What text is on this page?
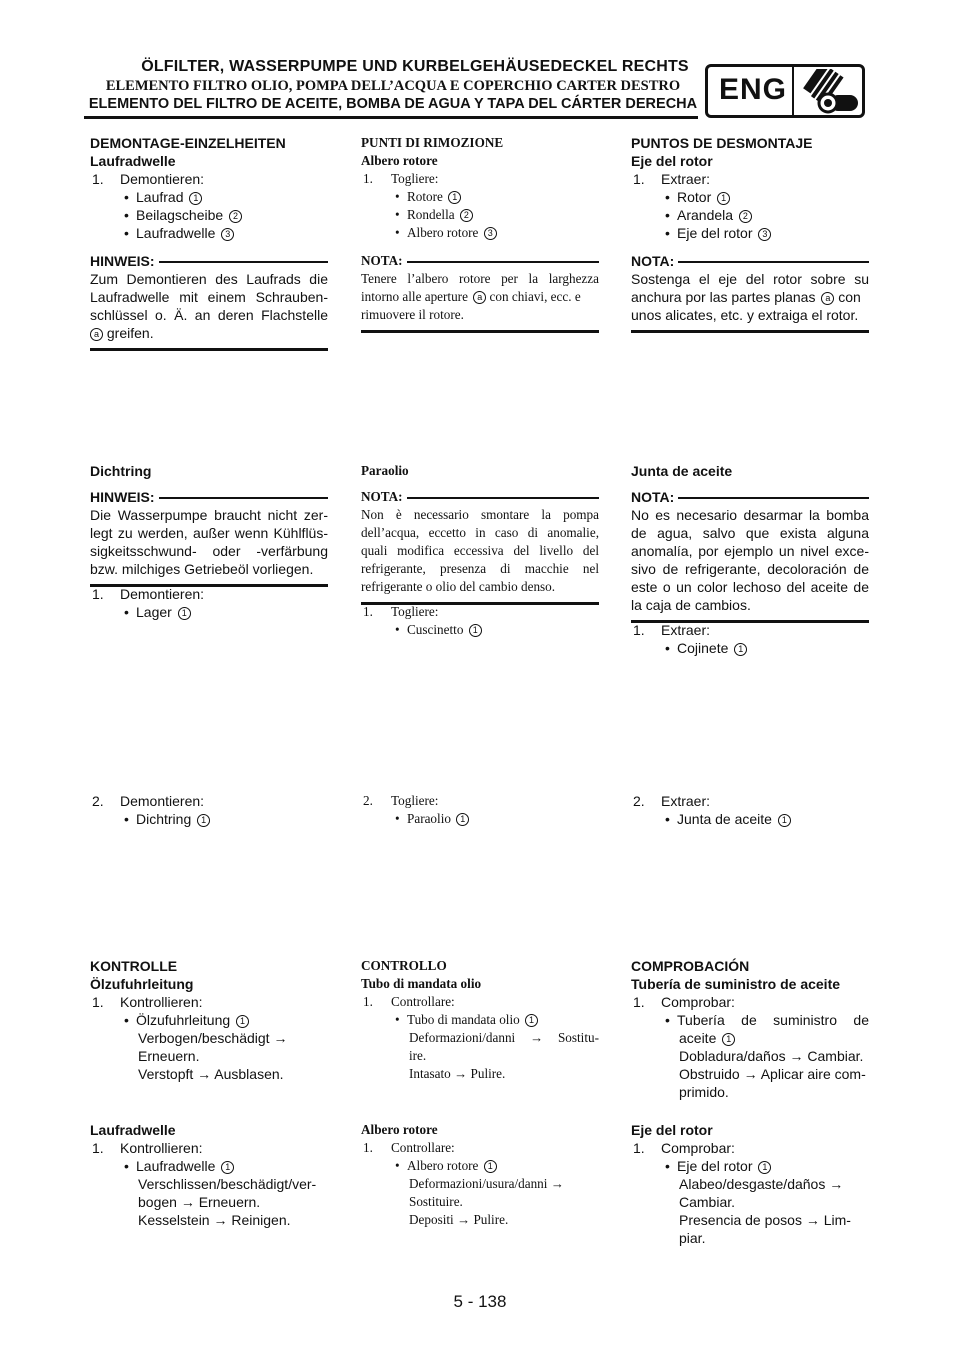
ÖLFILTER, WASSERPUMPE UND KURBELGEHÄUSEDECKEL RECHTS
ELEMENTO FILTRO OLIO, POMPA DELL’ACQUA E COPERCHIO CARTER DESTRO
ELEMENTO DEL FILTRO DE ACEITE, BOMBA DE AGUA Y TAPA DEL CÁRTER DERECHA ENG
DEMONTAGE-EINZELHEITEN
Laufradwelle
1. Demontieren:
• Laufrad 1
• Beilagscheibe 2
• Laufradwelle 3
HINWEIS:
Zum Demontieren des Laufrads die
Laufradwelle mit einem Schrauben-
schlüssel o. Ä. an deren Flachstelle
a greifen.
Dichtring
HINWEIS:
Die Wasserpumpe braucht nicht zer-
legt zu werden, außer wenn Kühlflüs-
sigkeitsschwund- oder -verfärbung
bzw. milchiges Getriebeöl vorliegen.
1. Demontieren:
• Lager 1
2. Demontieren:
• Dichtring 1
KONTROLLE
Ölzufuhrleitung
1. Kontrollieren:
• Ölzufuhrleitung 1
Verbogen/beschädigt →
Erneuern.
Verstopft → Ausblasen.
Laufradwelle
1. Kontrollieren:
• Laufradwelle 1
Verschlissen/beschädigt/ver-
bogen → Erneuern.
Kesselstein → Reinigen.
PUNTI DI RIMOZIONE
Albero rotore
1. Togliere:
• Rotore 1
• Rondella 2
• Albero rotore 3
NOTA:
Tenere l’albero rotore per la larghezza
intorno alle aperture a con chiavi, ecc. e
rimuovere il rotore.
Paraolio
NOTA:
Non è necessario smontare la pompa
dell’acqua, eccetto in caso di anomalie,
quali modifica eccessiva del livello del
refrigerante, presenza di macchie nel
refrigerante o olio del cambio denso.
1. Togliere:
• Cuscinetto 1
2. Togliere:
• Paraolio 1
CONTROLLO
Tubo di mandata olio
1. Controllare:
• Tubo di mandata olio 1
Deformazioni/danni → Sostitu-
ire.
Intasato → Pulire.
Albero rotore
1. Controllare:
• Albero rotore 1
Deformazioni/usura/danni →
Sostituire.
Depositi → Pulire.
PUNTOS DE DESMONTAJE
Eje del rotor
1. Extraer:
• Rotor 1
• Arandela 2
• Eje del rotor 3
NOTA:
Sostenga el eje del rotor sobre su
anchura por las partes planas a con
unos alicates, etc. y extraiga el rotor.
Junta de aceite
NOTA:
No es necesario desarmar la bomba
de agua, salvo que exista alguna
anomalía, por ejemplo un nivel exce-
sivo de refrigerante, decoloración de
este o un color lechoso del aceite de
la caja de cambios.
1. Extraer:
• Cojinete 1
2. Extraer:
• Junta de aceite 1
COMPROBACIÓN
Tubería de suministro de aceite
1. Comprobar:
• Tubería de suministro de
aceite 1
Dobladura/daños → Cambiar.
Obstruido → Aplicar aire com-
primido.
Eje del rotor
1. Comprobar:
• Eje del rotor 1
Alabeo/desgaste/daños →
Cambiar.
Presencia de posos → Lim-
piar.
5 - 138
